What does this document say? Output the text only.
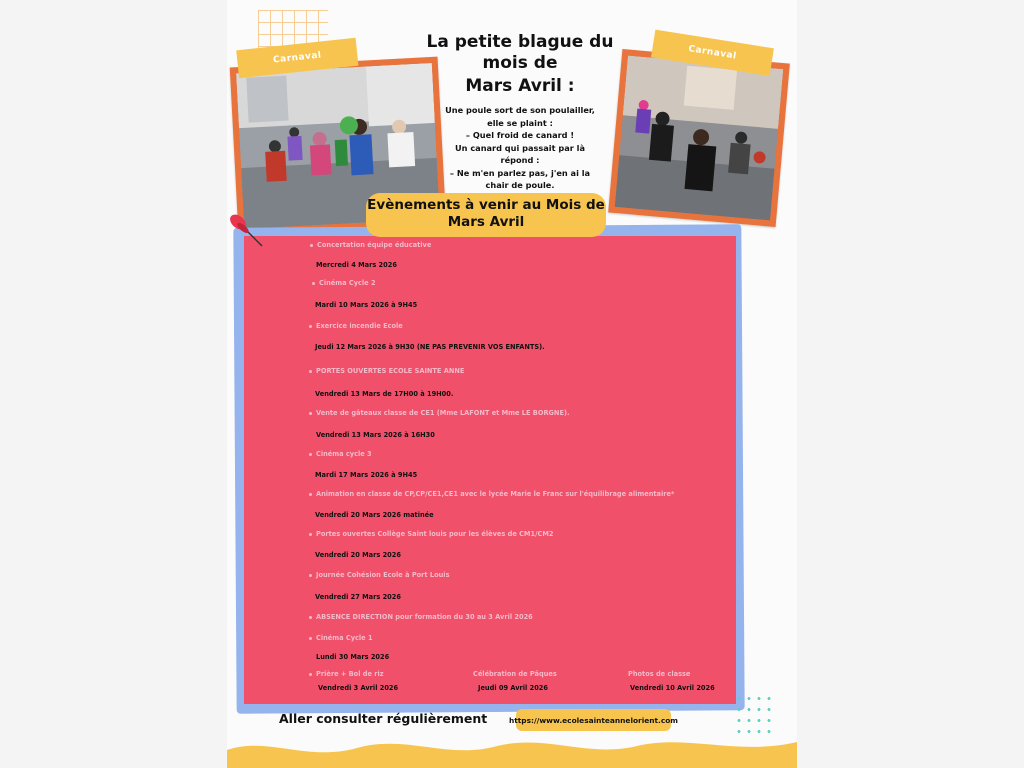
Carnaval	Carnaval
La petite blague du
mois de
Mars Avril :
Une poule sort de son poulailler,
elle se plaint :
– Quel froid de canard !
Un canard qui passait par là
répond :
– Ne m'en parlez pas, j'en ai la
chair de poule.
Evènements à venir au Mois de
Mars Avril
Concertation équipe éducative
Mercredi 4 Mars 2026
Cinéma Cycle 2
Mardi 10 Mars 2026 à 9H45
Exercice incendie Ecole
Jeudi 12 Mars 2026 à 9H30 (NE PAS PREVENIR VOS ENFANTS).
PORTES OUVERTES ECOLE SAINTE ANNE
Vendredi 13 Mars de 17H00 à 19H00.
Vente de gâteaux classe de CE1 (Mme LAFONT et Mme LE BORGNE).
Vendredi 13 Mars 2026 à 16H30
Cinéma cycle 3
Mardi 17 Mars 2026 à 9H45
Animation en classe de CP,CP/CE1,CE1 avec le lycée Marie le Franc sur l'équilibrage alimentaire*
Vendredi 20 Mars 2026 matinée
Portes ouvertes Collège Saint louis pour les élèves de CM1/CM2
Vendredi 20 Mars 2026
Journée Cohésion Ecole à Port Louis
Vendredi 27 Mars 2026
ABSENCE DIRECTION pour formation du 30 au 3 Avril 2026
Cinéma Cycle 1
Lundi 30 Mars 2026
Prière + Bol de riz
Vendredi 3 Avril 2026
Célébration de Pâques
Jeudi 09 Avril 2026
Photos de classe
Vendredi 10 Avril 2026
Aller consulter régulièrement	https://www.ecolesainteannelorient.com
